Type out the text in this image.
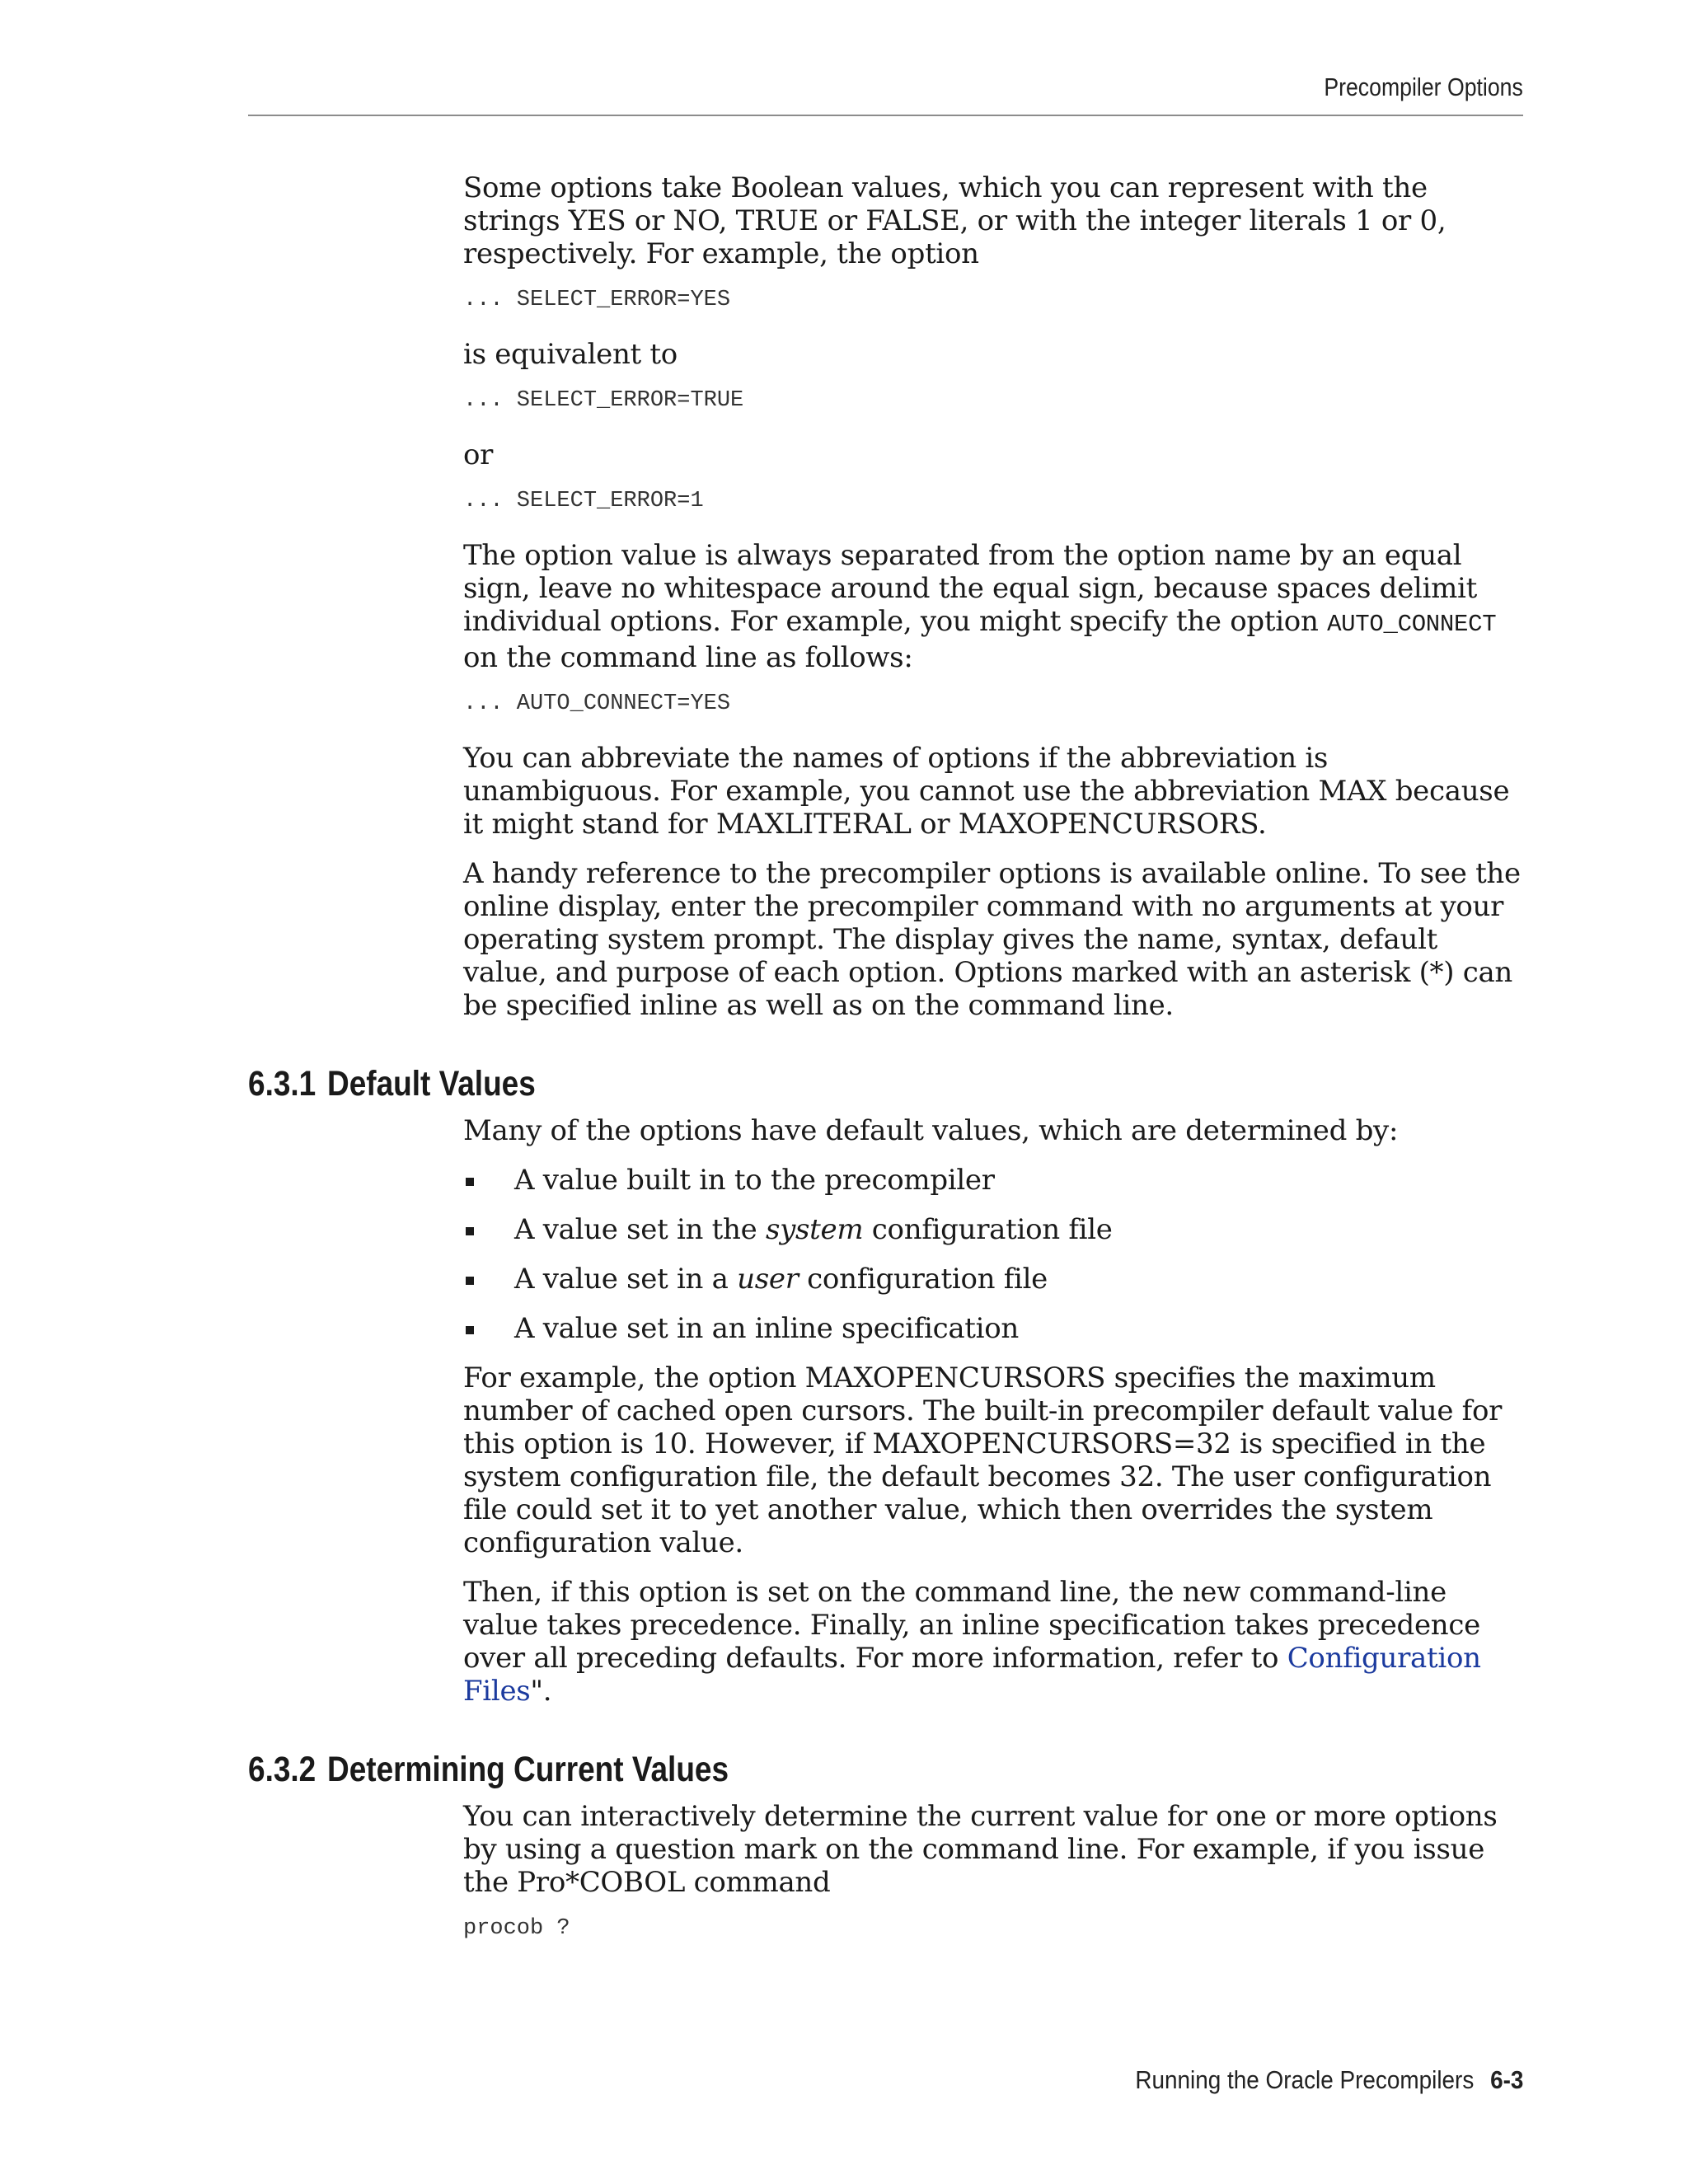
Precompiler Options

Some options take Boolean values, which you can represent with the strings YES or NO, TRUE or FALSE, or with the integer literals 1 or 0, respectively. For example, the option

... SELECT_ERROR=YES

is equivalent to

... SELECT_ERROR=TRUE

or

... SELECT_ERROR=1

The option value is always separated from the option name by an equal sign, leave no whitespace around the equal sign, because spaces delimit individual options. For example, you might specify the option AUTO_CONNECT on the command line as follows:

... AUTO_CONNECT=YES

You can abbreviate the names of options if the abbreviation is unambiguous. For example, you cannot use the abbreviation MAX because it might stand for MAXLITERAL or MAXOPENCURSORS.

A handy reference to the precompiler options is available online. To see the online display, enter the precompiler command with no arguments at your operating system prompt. The display gives the name, syntax, default value, and purpose of each option. Options marked with an asterisk (*) can be specified inline as well as on the command line.

6.3.1 Default Values

Many of the options have default values, which are determined by:

A value built in to the precompiler
A value set in the system configuration file
A value set in a user configuration file
A value set in an inline specification

For example, the option MAXOPENCURSORS specifies the maximum number of cached open cursors. The built-in precompiler default value for this option is 10. However, if MAXOPENCURSORS=32 is specified in the system configuration file, the default becomes 32. The user configuration file could set it to yet another value, which then overrides the system configuration value.

Then, if this option is set on the command line, the new command-line value takes precedence. Finally, an inline specification takes precedence over all preceding defaults. For more information, refer to Configuration Files".

6.3.2 Determining Current Values

You can interactively determine the current value for one or more options by using a question mark on the command line. For example, if you issue the Pro*COBOL command

procob ?
Running the Oracle Precompilers 6-3
